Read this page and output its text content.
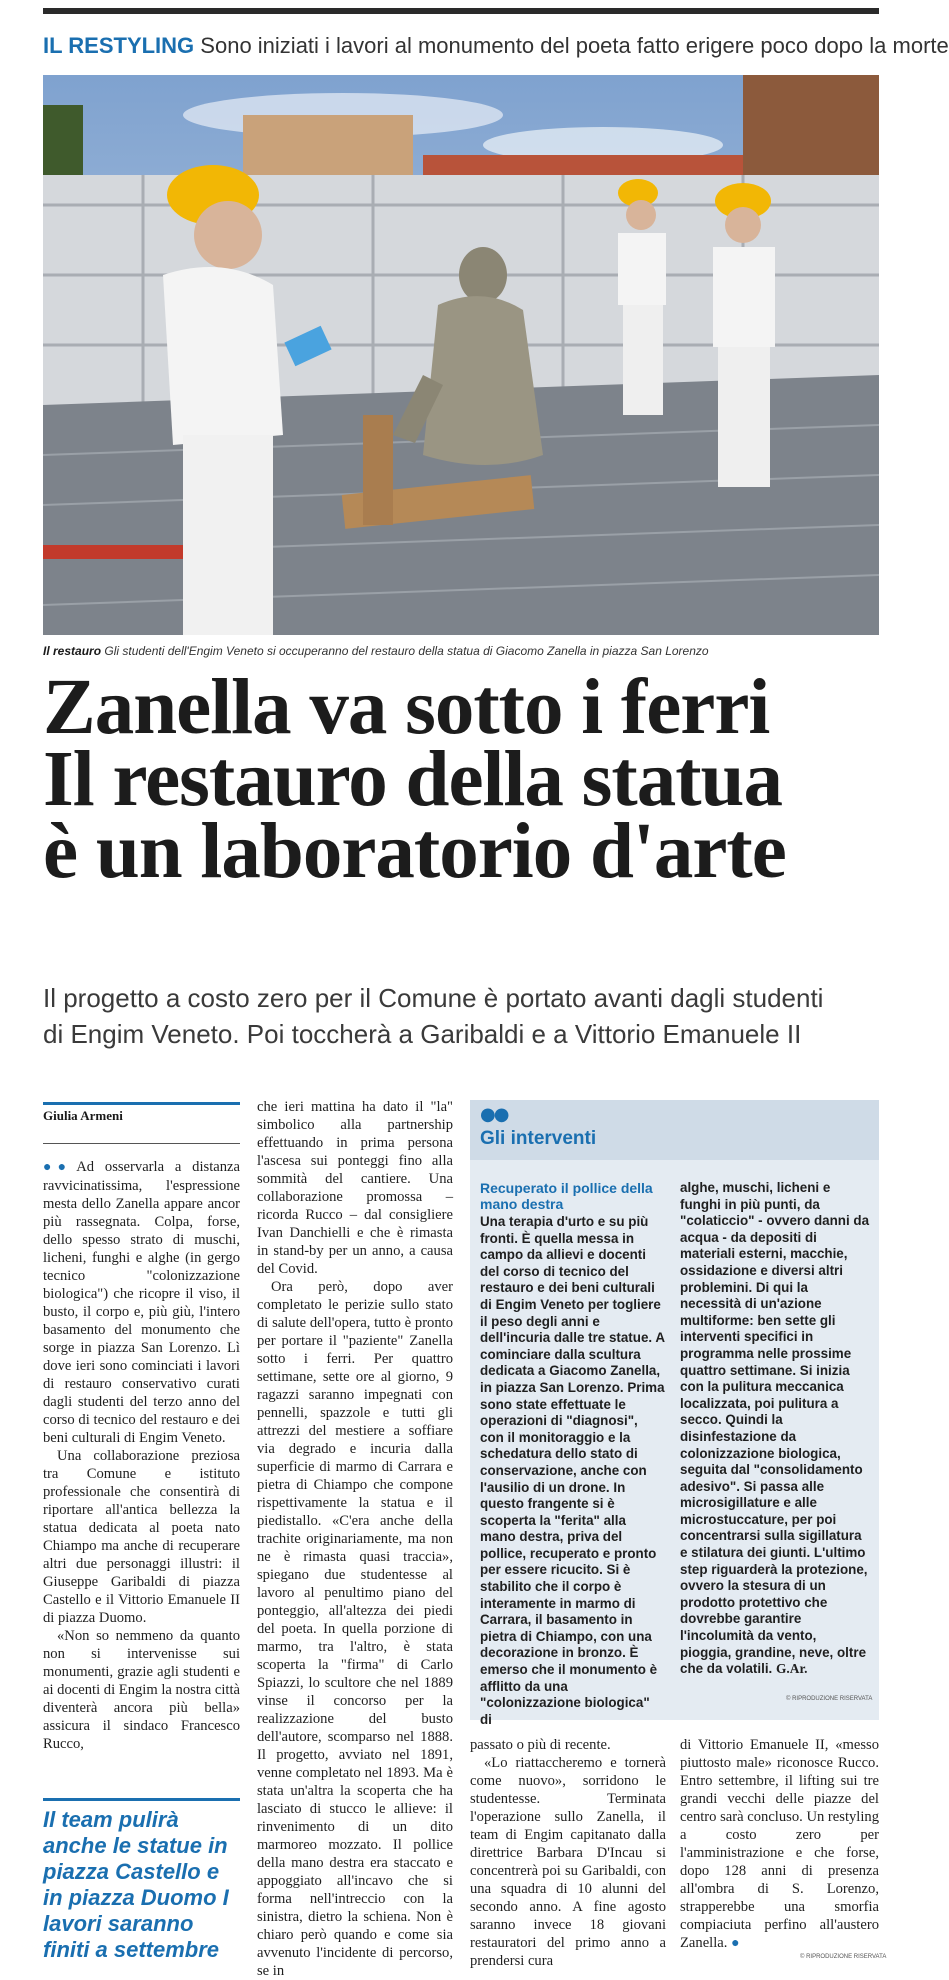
IL RESTYLING Sono iniziati i lavori al monumento del poeta fatto erigere poco dopo la morte
Il restauro Gli studenti dell'Engim Veneto si occuperanno del restauro della statua di Giacomo Zanella in piazza San Lorenzo
Zanella va sotto i ferri
Il restauro della statua
è un laboratorio d'arte
Il progetto a costo zero per il Comune è portato avanti dagli studenti
di Engim Veneto. Poi toccherà a Garibaldi e a Vittorio Emanuele II
Giulia Armeni

●● Ad osservarla a distanza ravvicinatissima, l'espressione mesta dello Zanella appare ancor più rassegnata. Colpa, forse, dello spesso strato di muschi, licheni, funghi e alghe (in gergo tecnico "colonizzazione biologica") che ricopre il viso, il busto, il corpo e, più giù, l'intero basamento del monumento che sorge in piazza San Lorenzo. Lì dove ieri sono cominciati i lavori di restauro conservativo curati dagli studenti del terzo anno del corso di tecnico del restauro e dei beni culturali di Engim Veneto.

Una collaborazione preziosa tra Comune e istituto professionale che consentirà di riportare all'antica bellezza la statua dedicata al poeta nato Chiampo ma anche di recuperare altri due personaggi illustri: il Giuseppe Garibaldi di piazza Castello e il Vittorio Emanuele II di piazza Duomo.

«Non so nemmeno da quanto non si intervenisse sui monumenti, grazie agli studenti e ai docenti di Engim la nostra città diventerà ancora più bella» assicura il sindaco Francesco Rucco,

Il team pulirà anche le statue in piazza Castello e in piazza Duomo I lavori saranno finiti a settembre

che ieri mattina ha dato il "la" simbolico alla partnership effettuando in prima persona l'ascesa sui ponteggi fino alla sommità del cantiere. Una collaborazione promossa – ricorda Rucco – dal consigliere Ivan Danchielli e che è rimasta in stand-by per un anno, a causa del Covid.

Ora però, dopo aver completato le perizie sullo stato di salute dell'opera, tutto è pronto per portare il "paziente" Zanella sotto i ferri. Per quattro settimane, sette ore al giorno, 9 ragazzi saranno impegnati con pennelli, spazzole e tutti gli attrezzi del mestiere a soffiare via degrado e incuria dalla superficie di marmo di Carrara e pietra di Chiampo che compone rispettivamente la statua e il piedistallo. «C'era anche della trachite originariamente, ma non ne è rimasta quasi traccia», spiegano due studentesse al lavoro al penultimo piano del ponteggio, all'altezza dei piedi del poeta. In quella porzione di marmo, tra l'altro, è stata scoperta la "firma" di Carlo Spiazzi, lo scultore che nel 1889 vinse il concorso per la realizzazione del busto dell'autore, scomparso nel 1888. Il progetto, avviato nel 1891, venne completato nel 1893. Ma è stata un'altra la scoperta che ha lasciato di stucco le allieve: il rinvenimento di un dito marmoreo mozzato. Il pollice della mano destra era staccato e appoggiato all'incavo che si forma nell'intreccio con la sinistra, dietro la schiena. Non è chiaro però quando e come sia avvenuto l'incidente di percorso, se in

●●
Gli interventi
Recuperato il pollice della mano destra
Una terapia d'urto e su più fronti. È quella messa in campo da allievi e docenti del corso di tecnico del restauro e dei beni culturali di Engim Veneto per togliere il peso degli anni e dell'incuria dalle tre statue. A cominciare dalla scultura dedicata a Giacomo Zanella, in piazza San Lorenzo. Prima sono state effettuate le operazioni di "diagnosi", con il monitoraggio e la schedatura dello stato di conservazione, anche con l'ausilio di un drone. In questo frangente si è scoperta la "ferita" alla mano destra, priva del pollice, recuperato e pronto per essere ricucito. Si è stabilito che il corpo è interamente in marmo di Carrara, il basamento in pietra di Chiampo, con una decorazione in bronzo. È emerso che il monumento è afflitto da una "colonizzazione biologica" di
alghe, muschi, licheni e funghi in più punti, da "colaticcio" - ovvero danni da acqua - da depositi di materiali esterni, macchie, ossidazione e diversi altri problemini. Di qui la necessità di un'azione multiforme: ben sette gli interventi specifici in programma nelle prossime quattro settimane. Si inizia con la pulitura meccanica localizzata, poi pulitura a secco. Quindi la disinfestazione da colonizzazione biologica, seguita dal "consolidamento adesivo". Si passa alle microsigillature e alle microstuccature, per poi concentrarsi sulla sigillatura e stilatura dei giunti. L'ultimo step riguarderà la protezione, ovvero la stesura di un prodotto protettivo che dovrebbe garantire l'incolumità da vento, pioggia, grandine, neve, oltre che da volatili. G.Ar.
© RIPRODUZIONE RISERVATA

passato o più di recente.

«Lo riattaccheremo e tornerà come nuovo», sorridono le studentesse. Terminata l'operazione sullo Zanella, il team di Engim capitanato dalla direttrice Barbara D'Incau si concentrerà poi su Garibaldi, con una squadra di 10 alunni del secondo anno. A fine agosto saranno invece 18 giovani restauratori del primo anno a prendersi cura

di Vittorio Emanuele II, «messo piuttosto male» riconosce Rucco. Entro settembre, il lifting sui tre grandi vecchi delle piazze del centro sarà concluso. Un restyling a costo zero per l'amministrazione e che forse, dopo 128 anni di presenza all'ombra di S. Lorenzo, strapperebbe una smorfia compiaciuta perfino all'austero Zanella. ●

© RIPRODUZIONE RISERVATA
